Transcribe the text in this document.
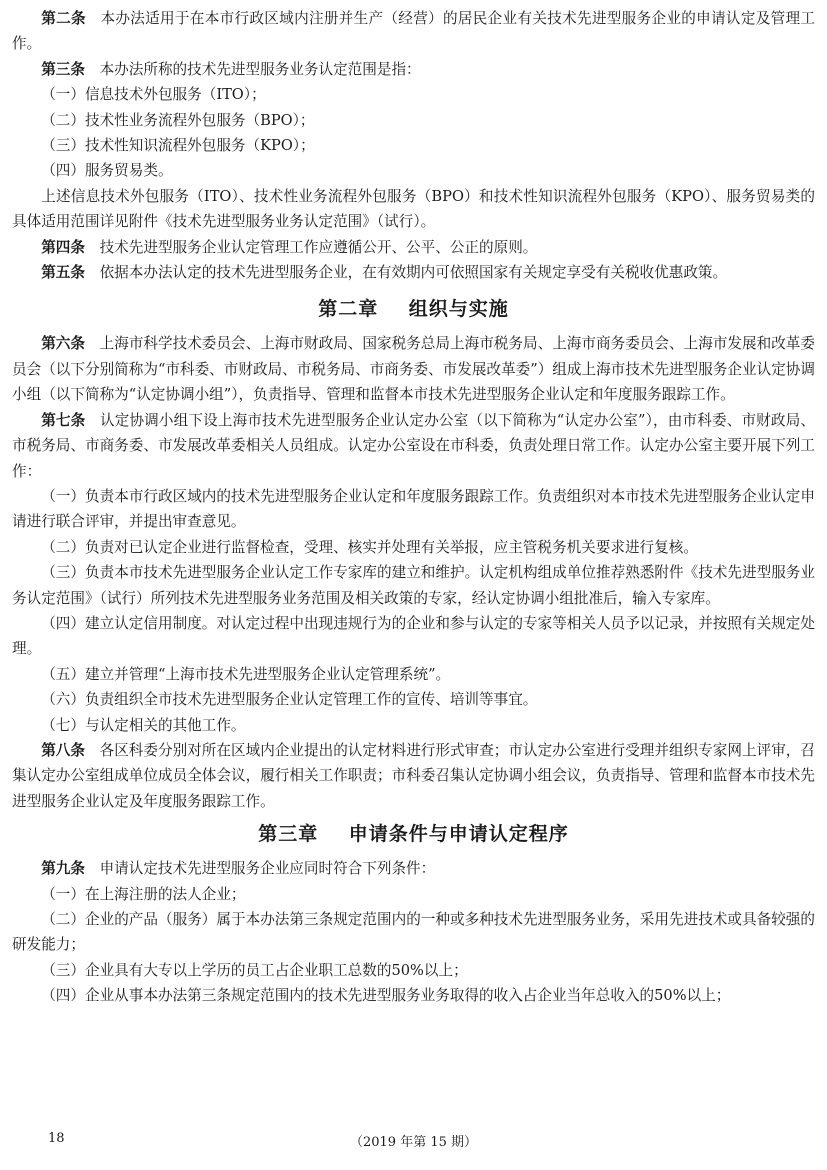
第二条 本办法适用于在本市行政区域内注册并生产（经营）的居民企业有关技术先进型服务企业的申请认定及管理工作。

第三条 本办法所称的技术先进型服务业务认定范围是指：

（一）信息技术外包服务（ITO）；

（二）技术性业务流程外包服务（BPO）；

（三）技术性知识流程外包服务（KPO）；

（四）服务贸易类。

上述信息技术外包服务（ITO）、技术性业务流程外包服务（BPO）和技术性知识流程外包服务（KPO）、服务贸易类的具体适用范围详见附件《技术先进型服务业务认定范围》（试行）。

第四条 技术先进型服务企业认定管理工作应遵循公开、公平、公正的原则。

第五条 依据本办法认定的技术先进型服务企业，在有效期内可依照国家有关规定享受有关税收优惠政策。

第二章 组织与实施

第六条 上海市科学技术委员会、上海市财政局、国家税务总局上海市税务局、上海市商务委员会、上海市发展和改革委员会（以下分别简称为“市科委、市财政局、市税务局、市商务委、市发展改革委”）组成上海市技术先进型服务企业认定协调小组（以下简称为“认定协调小组”），负责指导、管理和监督本市技术先进型服务企业认定和年度服务跟踪工作。

第七条 认定协调小组下设上海市技术先进型服务企业认定办公室（以下简称为“认定办公室”），由市科委、市财政局、市税务局、市商务委、市发展改革委相关人员组成。认定办公室设在市科委，负责处理日常工作。认定办公室主要开展下列工作：

（一）负责本市行政区域内的技术先进型服务企业认定和年度服务跟踪工作。负责组织对本市技术先进型服务企业认定申请进行联合评审，并提出审查意见。

（二）负责对已认定企业进行监督检查，受理、核实并处理有关举报，应主管税务机关要求进行复核。

（三）负责本市技术先进型服务企业认定工作专家库的建立和维护。认定机构组成单位推荐熟悉附件《技术先进型服务业务认定范围》（试行）所列技术先进型服务业务范围及相关政策的专家，经认定协调小组批准后，输入专家库。

（四）建立认定信用制度。对认定过程中出现违规行为的企业和参与认定的专家等相关人员予以记录，并按照有关规定处理。

（五）建立并管理“上海市技术先进型服务企业认定管理系统”。

（六）负责组织全市技术先进型服务企业认定管理工作的宣传、培训等事宜。

（七）与认定相关的其他工作。

第八条 各区科委分别对所在区域内企业提出的认定材料进行形式审查；市认定办公室进行受理并组织专家网上评审，召集认定办公室组成单位成员全体会议，履行相关工作职责；市科委召集认定协调小组会议，负责指导、管理和监督本市技术先进型服务企业认定及年度服务跟踪工作。

第三章 申请条件与申请认定程序

第九条 申请认定技术先进型服务企业应同时符合下列条件：

（一）在上海注册的法人企业；

（二）企业的产品（服务）属于本办法第三条规定范围内的一种或多种技术先进型服务业务，采用先进技术或具备较强的研发能力；

（三）企业具有大专以上学历的员工占企业职工总数的50%以上；

（四）企业从事本办法第三条规定范围内的技术先进型服务业务取得的收入占企业当年总收入的50%以上；

18	（2019 年第 15 期）
